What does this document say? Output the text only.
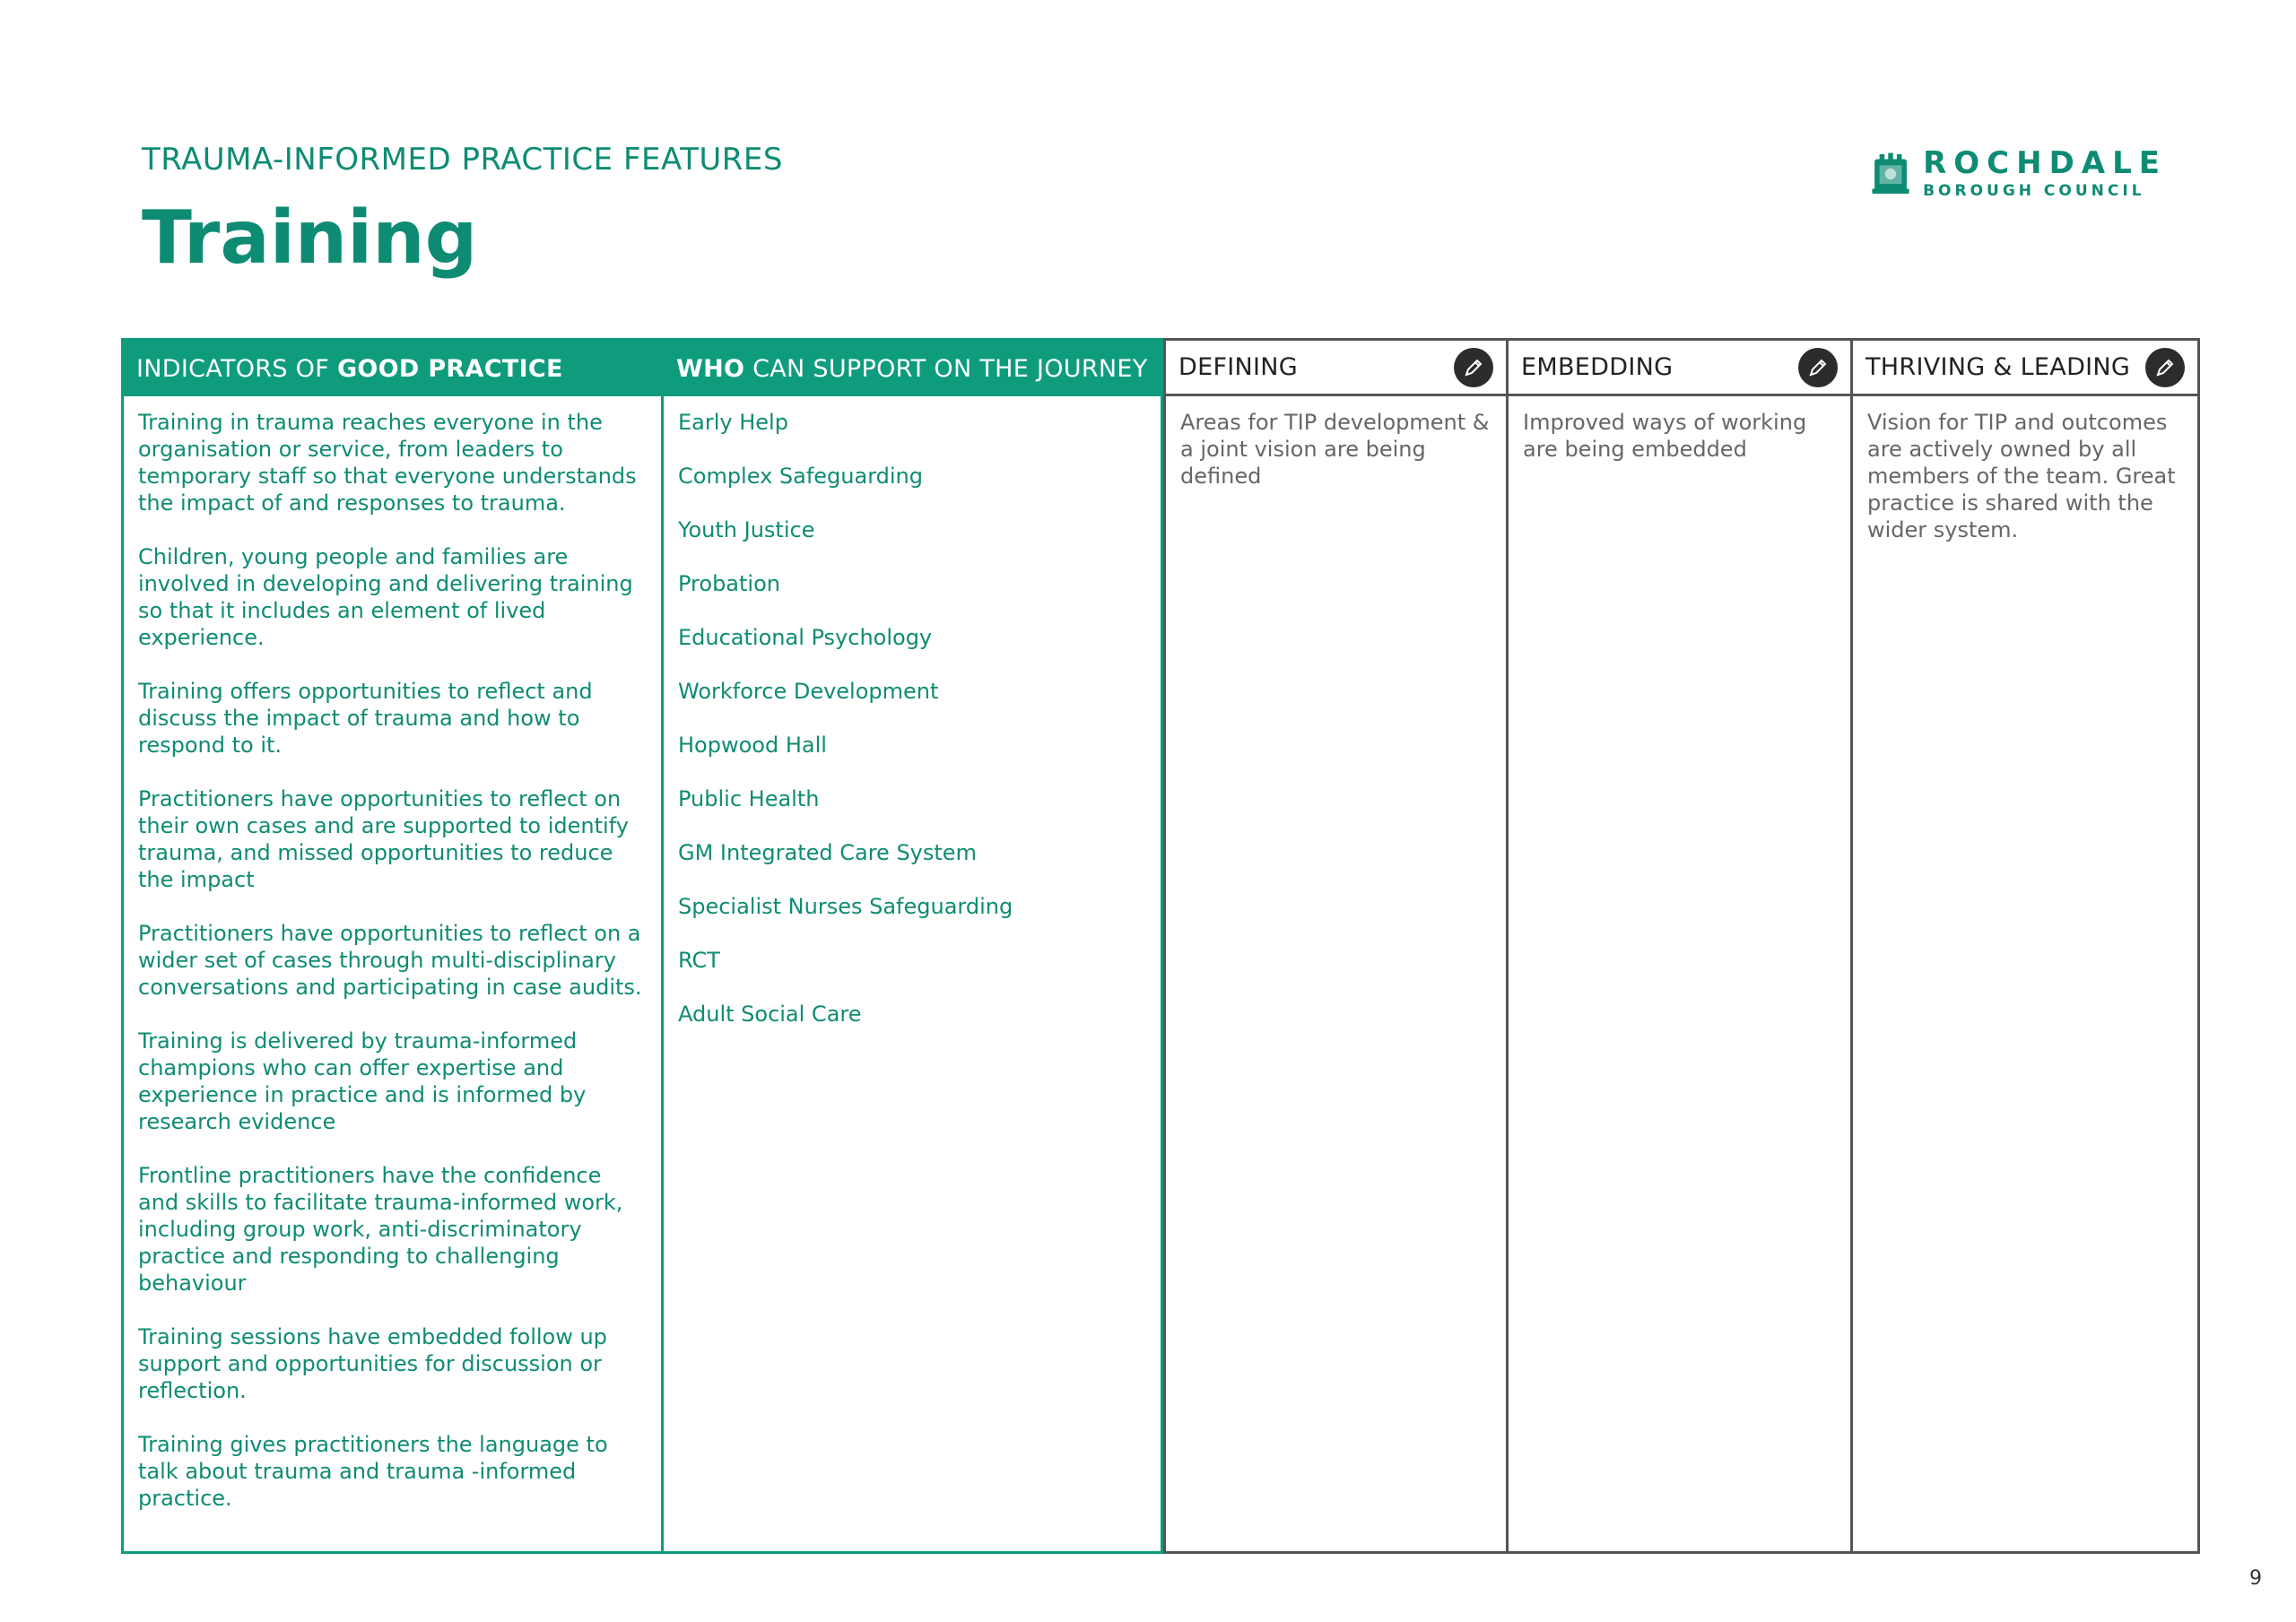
TRAUMA-INFORMED PRACTICE FEATURES
Training
ROCHDALE
BOROUGH COUNCIL
INDICATORS OF GOOD PRACTICE

Training in trauma reaches everyone in the organisation or service, from leaders to temporary staff so that everyone understands the impact of and responses to trauma.

Children, young people and families are involved in developing and delivering training so that it includes an element of lived experience.

Training offers opportunities to reflect and discuss the impact of trauma and how to respond to it.

Practitioners have opportunities to reflect on their own cases and are supported to identify trauma, and missed opportunities to reduce the impact

Practitioners have opportunities to reflect on a wider set of cases through multi-disciplinary conversations and participating in case audits.

Training is delivered by trauma-informed champions who can offer expertise and experience in practice and is informed by research evidence

Frontline practitioners have the confidence and skills to facilitate trauma-informed work, including group work, anti-discriminatory practice and responding to challenging behaviour

Training sessions have embedded follow up support and opportunities for discussion or reflection.

Training gives practitioners the language to talk about trauma and trauma -informed practice.

WHO CAN SUPPORT ON THE JOURNEY
Early Help
Complex Safeguarding
Youth Justice
Probation
Educational Psychology
Workforce Development
Hopwood Hall
Public Health
GM Integrated Care System
Specialist Nurses Safeguarding
RCT
Adult Social Care
DEFINING
Areas for TIP development & a joint vision are being defined
EMBEDDING
Improved ways of working are being embedded
THRIVING & LEADING
Vision for TIP and outcomes are actively owned by all members of the team. Great practice is shared with the wider system.
9
